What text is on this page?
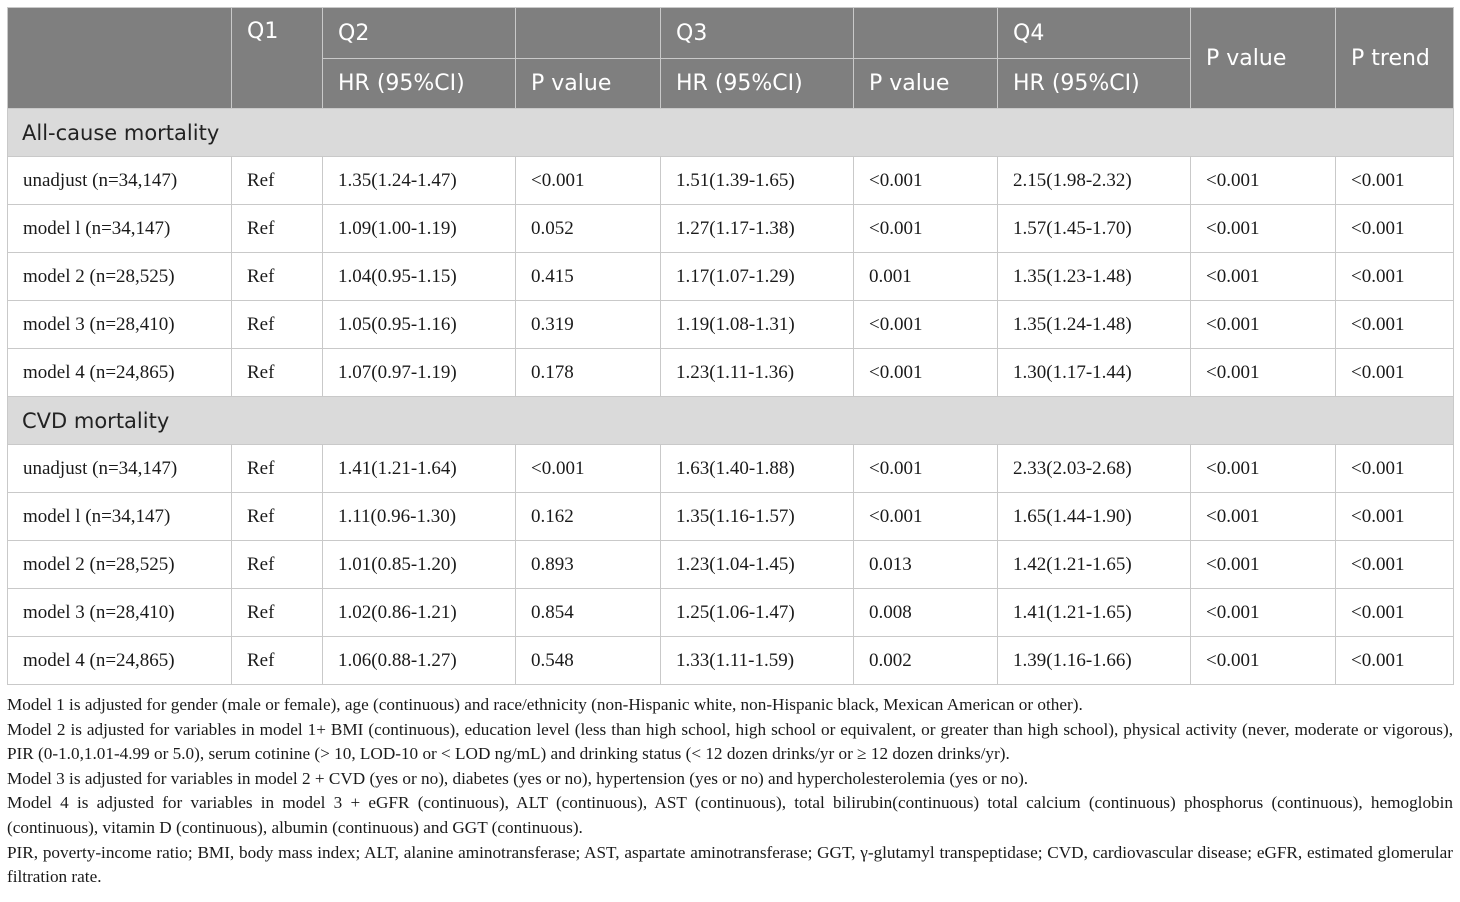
	Q1	Q2		Q3		Q4	P value	P trend
		HR (95%CI)	P value	HR (95%CI)	P value	HR (95%CI)		
All-cause mortality								
unadjust (n=34,147)	Ref	1.35(1.24-1.47)	<0.001	1.51(1.39-1.65)	<0.001	2.15(1.98-2.32)	<0.001	<0.001
model l (n=34,147)	Ref	1.09(1.00-1.19)	0.052	1.27(1.17-1.38)	<0.001	1.57(1.45-1.70)	<0.001	<0.001
model 2 (n=28,525)	Ref	1.04(0.95-1.15)	0.415	1.17(1.07-1.29)	0.001	1.35(1.23-1.48)	<0.001	<0.001
model 3 (n=28,410)	Ref	1.05(0.95-1.16)	0.319	1.19(1.08-1.31)	<0.001	1.35(1.24-1.48)	<0.001	<0.001
model 4 (n=24,865)	Ref	1.07(0.97-1.19)	0.178	1.23(1.11-1.36)	<0.001	1.30(1.17-1.44)	<0.001	<0.001
CVD mortality								
unadjust (n=34,147)	Ref	1.41(1.21-1.64)	<0.001	1.63(1.40-1.88)	<0.001	2.33(2.03-2.68)	<0.001	<0.001
model l (n=34,147)	Ref	1.11(0.96-1.30)	0.162	1.35(1.16-1.57)	<0.001	1.65(1.44-1.90)	<0.001	<0.001
model 2 (n=28,525)	Ref	1.01(0.85-1.20)	0.893	1.23(1.04-1.45)	0.013	1.42(1.21-1.65)	<0.001	<0.001
model 3 (n=28,410)	Ref	1.02(0.86-1.21)	0.854	1.25(1.06-1.47)	0.008	1.41(1.21-1.65)	<0.001	<0.001
model 4 (n=24,865)	Ref	1.06(0.88-1.27)	0.548	1.33(1.11-1.59)	0.002	1.39(1.16-1.66)	<0.001	<0.001

Model 1 is adjusted for gender (male or female), age (continuous) and race/ethnicity (non-Hispanic white, non-Hispanic black, Mexican American or other).

Model 2 is adjusted for variables in model 1+ BMI (continuous), education level (less than high school, high school or equivalent, or greater than high school), physical activity (never, moderate or vigorous), PIR (0-1.0,1.01-4.99 or 5.0), serum cotinine (> 10, LOD-10 or < LOD ng/mL) and drinking status (< 12 dozen drinks/yr or ≥ 12 dozen drinks/yr).

Model 3 is adjusted for variables in model 2 + CVD (yes or no), diabetes (yes or no), hypertension (yes or no) and hypercholesterolemia (yes or no).

Model 4 is adjusted for variables in model 3 + eGFR (continuous), ALT (continuous), AST (continuous), total bilirubin(continuous) total calcium (continuous) phosphorus (continuous), hemoglobin (continuous), vitamin D (continuous), albumin (continuous) and GGT (continuous).

PIR, poverty-income ratio; BMI, body mass index; ALT, alanine aminotransferase; AST, aspartate aminotransferase; GGT, γ-glutamyl transpeptidase; CVD, cardiovascular disease; eGFR, estimated glomerular filtration rate.
